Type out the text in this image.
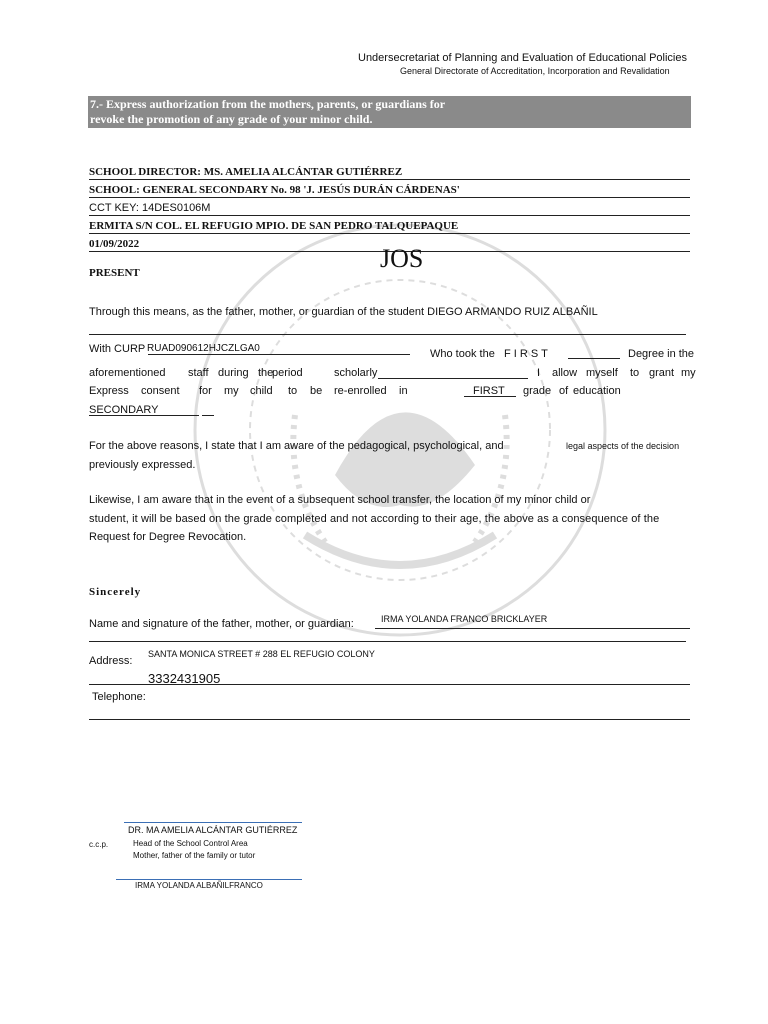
Undersecretariat of Planning and Evaluation of Educational Policies
General Directorate of Accreditation, Incorporation and Revalidation
7.- Express authorization from the mothers, parents, or guardians for
revoke the promotion of any grade of your minor child.
SCHOOL DIRECTOR: MS. AMELIA ALCÁNTAR GUTIÉRREZ
SCHOOL: GENERAL SECONDARY No. 98 'J. JESÚS DURÁN CÁRDENAS'
CCT KEY: 14DES0106M
ERMITA S/N COL. EL REFUGIO MPIO. DE SAN PEDRO TALQUEPAQUE
01/09/2022	JOS
PRESENT
Through this means, as the father, mother, or guardian of the student DIEGO ARMANDO RUIZ ALBAÑIL
With CURP RUAD090612HJCZLGA0	Who took the F I R S T	Degree in the
aforementioned staff during the
period	scholarly	I allow myself to grant my
Express consent for my child to be re-enrolled in	FIRST grade of education
SECONDARY
For the above reasons, I state that I am aware of the pedagogical, psychological, and	legal aspects of the decision
previously expressed.
Likewise, I am aware that in the event of a subsequent school transfer, the location of my minor child or
student, it will be based on the grade completed and not according to their age, the above as a consequence of the
Request for Degree Revocation.
Sincerely
Name and signature of the father, mother, or guardian:	IRMA YOLANDA FRANCO BRICKLAYER
SANTA MONICA STREET # 288 EL REFUGIO COLONY
Address:
3332431905
Telephone:
DR. MA AMELIA ALCÁNTAR GUTIÉRREZ
c.c.p.	Head of the School Control Area
Mother, father of the family or tutor
IRMA YOLANDA ALBAÑILFRANCO
